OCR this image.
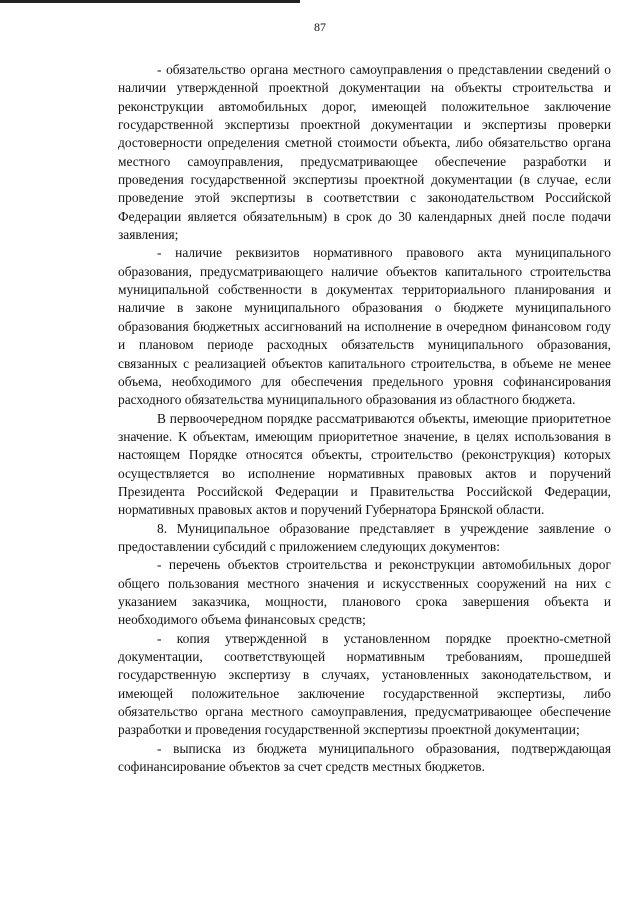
87

- обязательство органа местного самоуправления о представлении сведений о наличии утвержденной проектной документации на объекты строительства и реконструкции автомобильных дорог, имеющей положительное заключение государственной экспертизы проектной документации и экспертизы проверки достоверности определения сметной стоимости объекта, либо обязательство органа местного самоуправления, предусматривающее обеспечение разработки и проведения государственной экспертизы проектной документации (в случае, если проведение этой экспертизы в соответствии с законодательством Российской Федерации является обязательным) в срок до 30 календарных дней после подачи заявления;

- наличие реквизитов нормативного правового акта муниципального образования, предусматривающего наличие объектов капитального строительства муниципальной собственности в документах территориального планирования и наличие в законе муниципального образования о бюджете муниципального образования бюджетных ассигнований на исполнение в очередном финансовом году и плановом периоде расходных обязательств муниципального образования, связанных с реализацией объектов капитального строительства, в объеме не менее объема, необходимого для обеспечения предельного уровня софинансирования расходного обязательства муниципального образования из областного бюджета.

В первоочередном порядке рассматриваются объекты, имеющие приоритетное значение. К объектам, имеющим приоритетное значение, в целях использования в настоящем Порядке относятся объекты, строительство (реконструкция) которых осуществляется во исполнение нормативных правовых актов и поручений Президента Российской Федерации и Правительства Российской Федерации, нормативных правовых актов и поручений Губернатора Брянской области.

8. Муниципальное образование представляет в учреждение заявление о предоставлении субсидий с приложением следующих документов:

- перечень объектов строительства и реконструкции автомобильных дорог общего пользования местного значения и искусственных сооружений на них с указанием заказчика, мощности, планового срока завершения объекта и необходимого объема финансовых средств;

- копия утвержденной в установленном порядке проектно-сметной документации, соответствующей нормативным требованиям, прошедшей государственную экспертизу в случаях, установленных законодательством, и имеющей положительное заключение государственной экспертизы, либо обязательство органа местного самоуправления, предусматривающее обеспечение разработки и проведения государственной экспертизы проектной документации;

- выписка из бюджета муниципального образования, подтверждающая софинансирование объектов за счет средств местных бюджетов.
